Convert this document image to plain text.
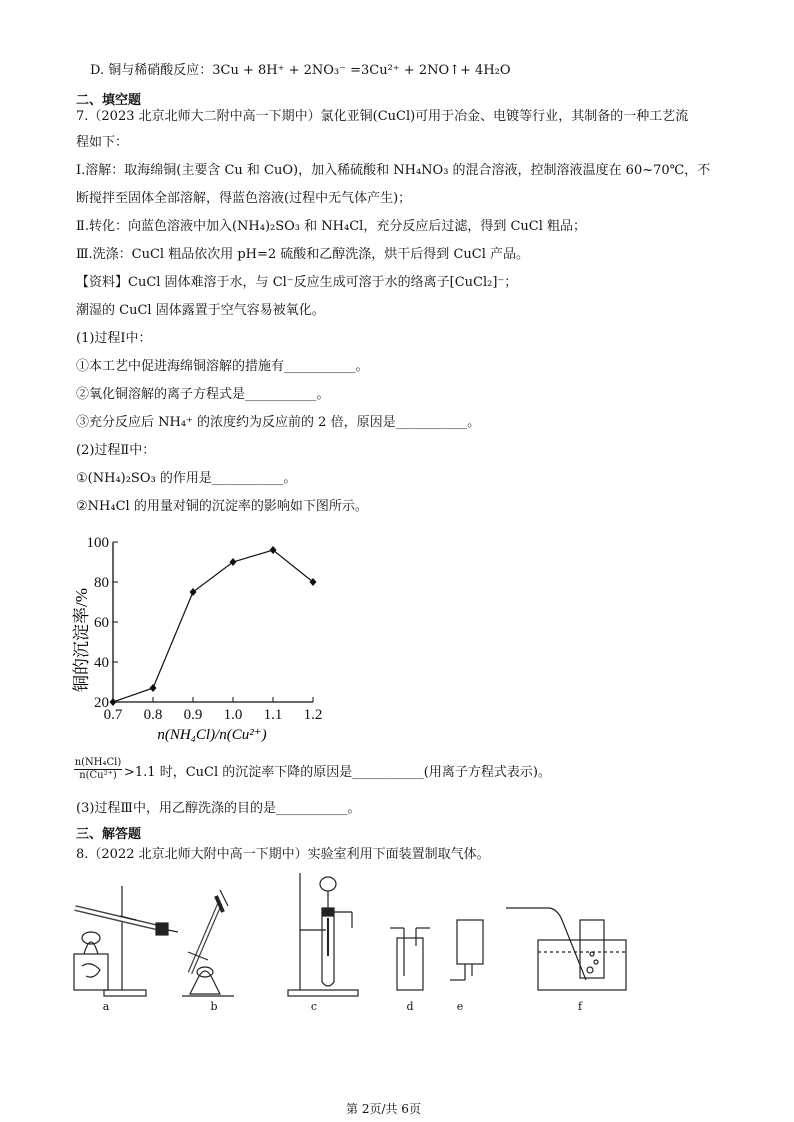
D. 铜与稀硝酸反应：3Cu + 8H⁺ + 2NO₃⁻ =3Cu²⁺ + 2NO↑+ 4H₂O
二、填空题
7.（2023 北京北师大二附中高一下期中）氯化亚铜(CuCl)可用于冶金、电镀等行业，其制备的一种工艺流
程如下：
Ⅰ.溶解：取海绵铜(主要含 Cu 和 CuO)，加入稀硫酸和 NH₄NO₃ 的混合溶液，控制溶液温度在 60~70℃，不
断搅拌至固体全部溶解，得蓝色溶液(过程中无气体产生)；
Ⅱ.转化：向蓝色溶液中加入(NH₄)₂SO₃ 和 NH₄Cl，充分反应后过滤，得到 CuCl 粗品；
Ⅲ.洗涤：CuCl 粗品依次用 pH=2 硫酸和乙醇洗涤，烘干后得到 CuCl 产品。
【资料】CuCl 固体难溶于水，与 Cl⁻反应生成可溶于水的络离子[CuCl₂]⁻；
潮湿的 CuCl 固体露置于空气容易被氧化。
(1)过程Ⅰ中：
①本工艺中促进海绵铜溶解的措施有___________。
②氧化铜溶解的离子方程式是___________。
③充分反应后 NH₄⁺ 的浓度约为反应前的 2 倍，原因是___________。
(2)过程Ⅱ中：
①(NH₄)₂SO₃ 的作用是___________。
②NH₄Cl 的用量对铜的沉淀率的影响如下图所示。
20
40
60
80
100
0.7 0.8 0.9 1.0 1.1 1.2
铜的沉淀率/%
n(NH₄Cl)/n(Cu²⁺)
$\frac{\text{n(NH₄Cl)}}{\text{n(Cu²⁺)}} >1.1$ 时，CuCl 的沉淀率下降的原因是___________(用离子方程式表示)。
(3)过程Ⅲ中，用乙醇洗涤的目的是___________。
三、解答题
8.（2022 北京北师大附中高一下期中）实验室利用下面装置制取气体。
a	b	c	d	e	f
第 2页/共 6页
